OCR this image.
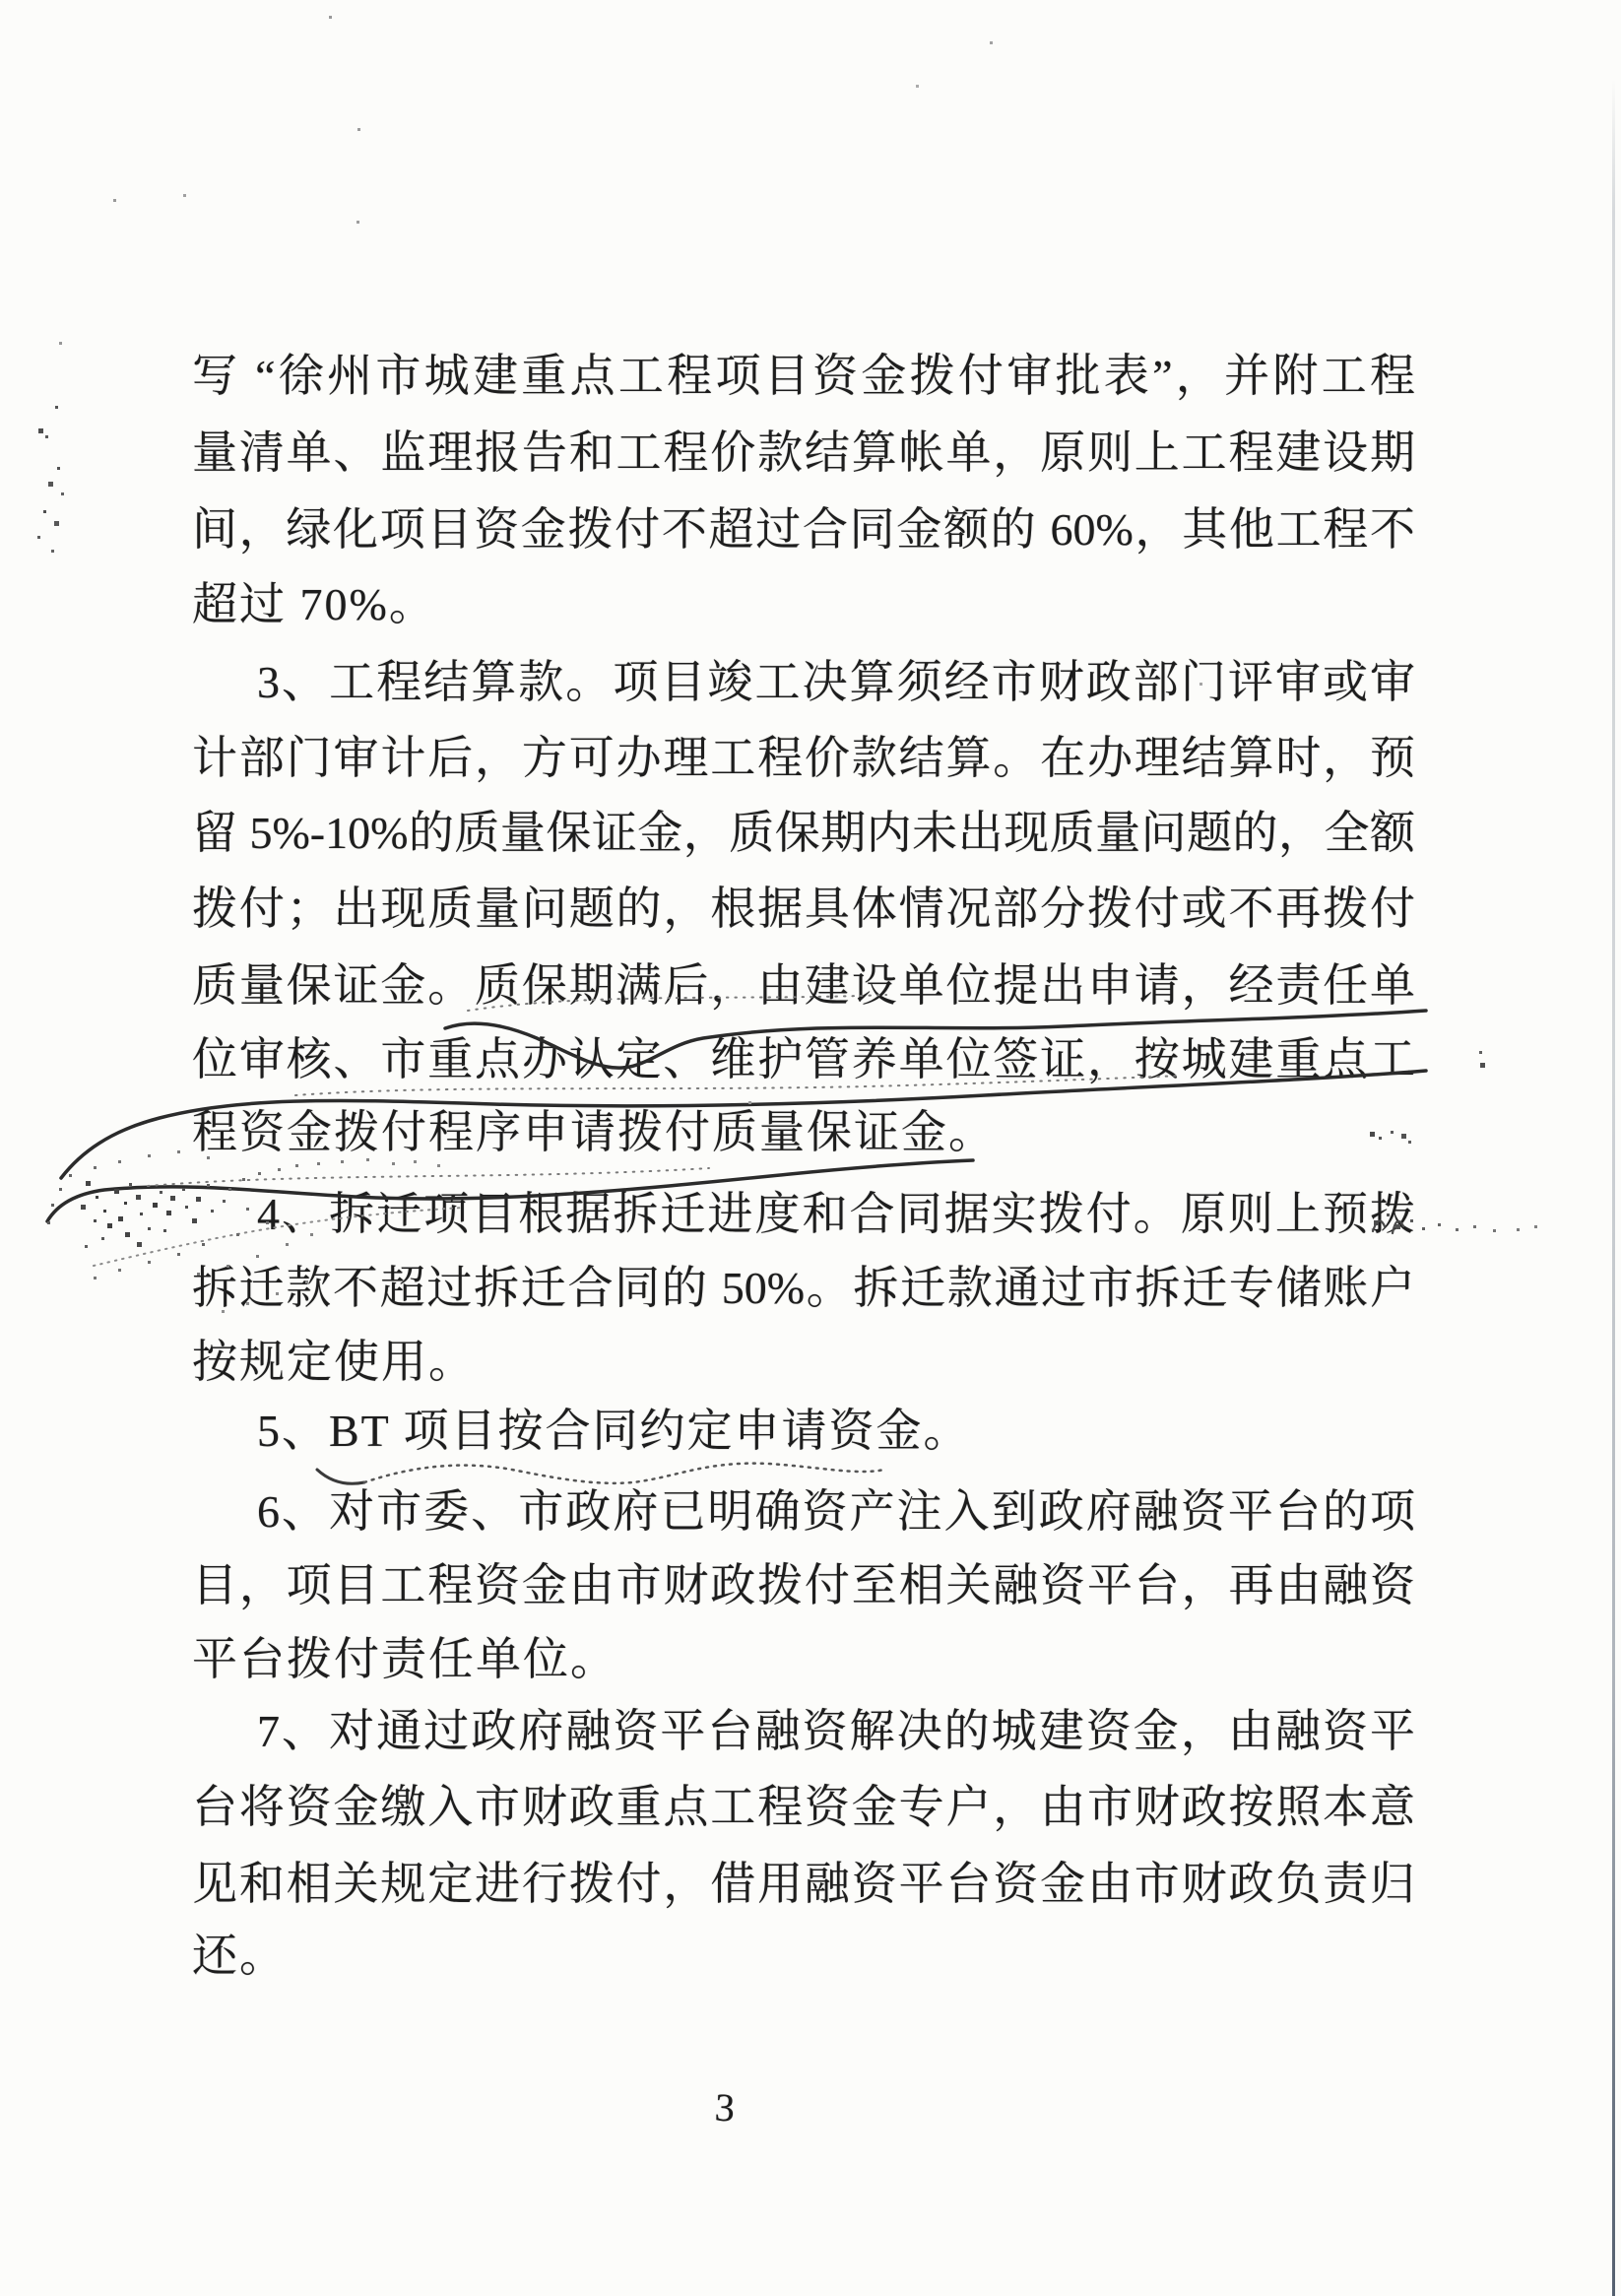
写 “徐州市城建重点工程项目资金拨付审批表”，并附工程
量清单、监理报告和工程价款结算帐单，原则上工程建设期
间，绿化项目资金拨付不超过合同金额的 60%，其他工程不
超过 70%。
3、工程结算款。项目竣工决算须经市财政部门评审或审
计部门审计后，方可办理工程价款结算。在办理结算时，预
留 5%-10%的质量保证金，质保期内未出现质量问题的，全额
拨付；出现质量问题的，根据具体情况部分拨付或不再拨付
质量保证金。质保期满后，由建设单位提出申请，经责任单
位审核、市重点办认定、维护管养单位签证，按城建重点工
程资金拨付程序申请拨付质量保证金。
4、拆迁项目根据拆迁进度和合同据实拨付。原则上预拨
拆迁款不超过拆迁合同的 50%。拆迁款通过市拆迁专储账户
按规定使用。
5、BT 项目按合同约定申请资金。
6、对市委、市政府已明确资产注入到政府融资平台的项
目，项目工程资金由市财政拨付至相关融资平台，再由融资
平台拨付责任单位。
7、对通过政府融资平台融资解决的城建资金，由融资平
台将资金缴入市财政重点工程资金专户，由市财政按照本意
见和相关规定进行拨付，借用融资平台资金由市财政负责归
还。
3
